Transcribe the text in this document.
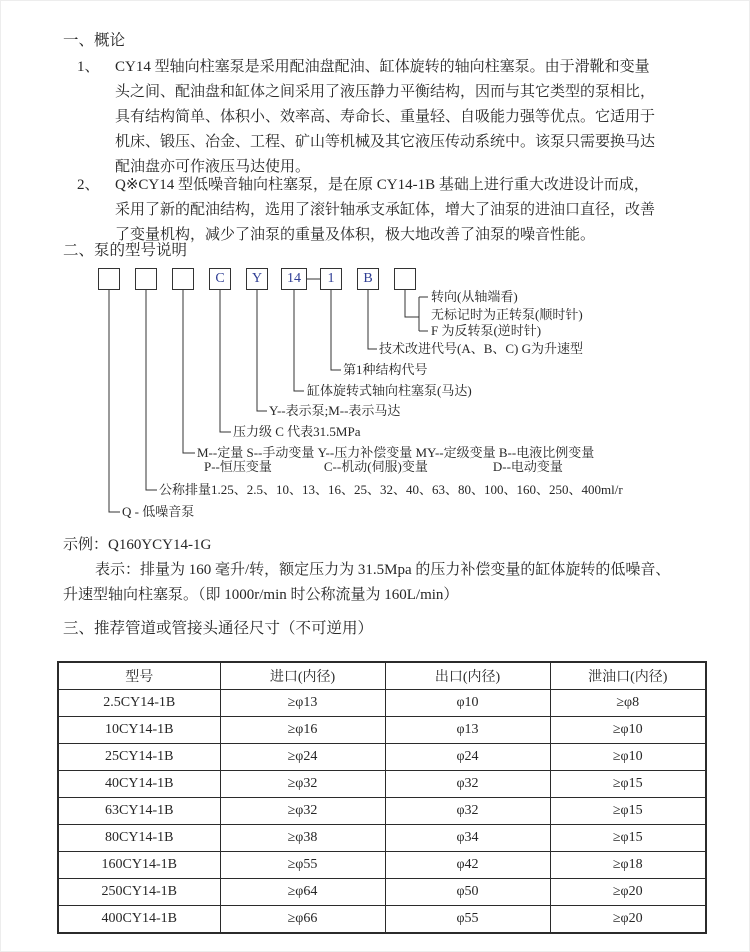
一、概论
1、 CY14 型轴向柱塞泵是采用配油盘配油、缸体旋转的轴向柱塞泵。由于滑靴和变量
头之间、配油盘和缸体之间采用了液压静力平衡结构，因而与其它类型的泵相比，
具有结构简单、体积小、效率高、寿命长、重量轻、自吸能力强等优点。它适用于
机床、锻压、冶金、工程、矿山等机械及其它液压传动系统中。该泵只需要换马达
配油盘亦可作液压马达使用。
2、 Q※CY14 型低噪音轴向柱塞泵，是在原 CY14-1B 基础上进行重大改进设计而成，
采用了新的配油结构，选用了滚针轴承支承缸体，增大了油泵的进油口直径，改善
了变量机构，减少了油泵的重量及体积，极大地改善了油泵的噪音性能。
二、泵的型号说明
C	Y	14	1	B
转向(从轴端看)
无标记时为正转泵(顺时针)
F 为反转泵(逆时针)
技术改进代号(A、B、C) G为升速型
第1种结构代号
缸体旋转式轴向柱塞泵(马达)
Y--表示泵;M--表示马达
压力级 C 代表31.5MPa
M--定量 S--手动变量 Y--压力补偿变量 MY--定级变量 B--电液比例变量
P--恒压变量　　　　C--机动(伺服)变量　　　　　D--电动变量
公称排量1.25、2.5、10、13、16、25、32、40、63、80、100、160、250、400ml/r
Q - 低噪音泵
示例：Q160YCY14-1G
表示：排量为 160 毫升/转，额定压力为 31.5Mpa 的压力补偿变量的缸体旋转的低噪音、
升速型轴向柱塞泵。（即 1000r/min 时公称流量为 160L/min）
三、推荐管道或管接头通径尺寸（不可逆用）
型号	进口(内径)	出口(内径)	泄油口(内径)
2.5CY14-1B	≥φ13	φ10	≥φ8
10CY14-1B	≥φ16	φ13	≥φ10
25CY14-1B	≥φ24	φ24	≥φ10
40CY14-1B	≥φ32	φ32	≥φ15
63CY14-1B	≥φ32	φ32	≥φ15
80CY14-1B	≥φ38	φ34	≥φ15
160CY14-1B	≥φ55	φ42	≥φ18
250CY14-1B	≥φ64	φ50	≥φ20
400CY14-1B	≥φ66	φ55	≥φ20
